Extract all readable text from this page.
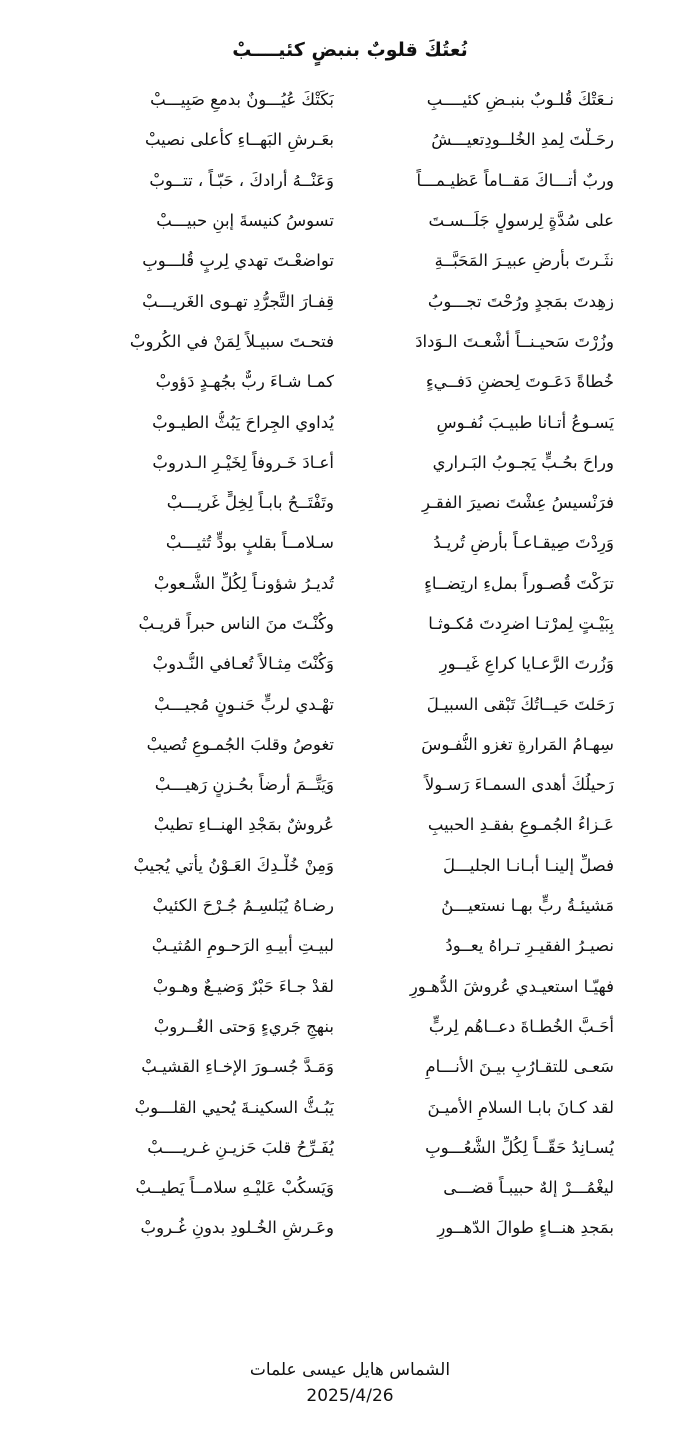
نُعتُكَ قلوبٌ بنبضٍ كئيــــبْ
نـعَتْكَ قُلـوبٌ بنبـضٍ كئيــــبِ
بَكَتْكَ عُيُـــونٌ بدمعٍ صَبِيـــبْ
رحَـلْتَ لِمدِ الخُلــودِتعيـــشُ
بعَـرشِ البَهــاءِ كأعلى نصيبْ
وربٌ أتـــاكَ مَقــاماً عَظيـمـــاً
وَعَنْــهُ أرادكَ ، حَبّـاً ، تتــوبْ
على سُدَّةٍ لِرسولٍ جَلَــسـتَ
تسوسُ كنيسةَ إبنِ حبيـــبْ
نثَـرتَ بأرضٍ عبيـرَ المَحَبَّــةِ
تواضعْـتَ تهدي لِربٍ قُلـــوبِ
زهِدتَ بمَجدٍ ورُحْتَ تجـــوبُ
قِفـارَ التَّجرُّدِ تهـوى الغَريـــبْ
وزُرْتَ سَحيـنــاً أشْعـتَ الـوَدادَ
فتحـتَ سبيـلاً لِمَنْ في الكُروبْ
خُطاةً دَعَـوتَ لِحضنٍ دَفــيءٍ
كمـا شـاءَ ربٌّ بجُهـدٍ دَؤوبْ
يَسـوعُ أتـانا طبيـبَ نُفـوسٍ
يُداوي الجِراحَ يَبُثُّ الطيـوبْ
وراحَ بحُـبٍّ يَجـوبُ البَـراري
أعـادَ خَـروفاً لِخَيْـرِ الـدروبْ
فرَنْسيسُ عِشْتَ نصيرَ الفقـرِ
وتَفْتَــحُ بابـاً لِخِلٍّ غَريـــبْ
وَرِدْتَ صِيقـاعـاً بأرضٍ تُريـدُ
سـلامــاً بقلبٍ بودٍّ تُثيـــبْ
ترَكْتَ قُصـوراً بملءِ ارتِضــاءٍ
تُديـرُ شؤونـاً لِكُلِّ الشُّـعوبْ
بِبَيْـتٍ لِمرْتـا اضرِدتَ مُكـوثـا
وكُنْـتَ منَ الناس حبراً قريـبْ
وَزُرتَ الرَّعـايا كراعٍ غَيــورِ
وَكُنْتَ مِثـالاً تُعـافي النُّـدوبْ
رَحَلتَ حَيــاتُكَ تَبْقى السبيـلَ
تهْـدي لربٍّ حَنـونٍ مُجيـــبْ
سِهـامُ المَرارةِ تغزو النُّفـوسَ
تغوصُ وقلبَ الجُمـوعِ تُصيبْ
رَحيلُكَ أهدى السمـاءَ رَسـولاً
وَيَتَّــمَ أرضاً بحُـزنٍ رَهيـــبْ
عَـزاءُ الجُمـوعِ بفقـدِ الحبيبِ
عُروشٌ بمَجْدِ الهنــاءِ تطيبْ
فصلِّ إلينـا أبـانـا الجليـــلَ
وَمِنْ خُلْـدِكَ العَـوْنُ يأتي يُجيبْ
مَشيئـةُ ربٍّ بهـا نستعيـــنُ
رضـاهُ يُبَلسِـمُ جُـرْحَ الكئيبْ
نصيـرُ الفقيـرِ تـراهُ يعــودُ
لبيـتِ أبيـهِ الرَحـومِ المُثيـبْ
فهيّـا استعيـدي عُروشَ الدُّهـورِ
لقدْ جـاءَ حَبْرٌ وَضيـعٌ وهـوبْ
أحَـبَّ الخُطـاةَ دعــاهُم لِربٍّ
بنهجٍ جَريءٍ وَحتى الغُــروبْ
سَعـى للتقـارُبِ بيـنَ الأنـــامِ
وَمَـدَّ جُسـورَ الإخـاءِ القشيـبْ
لقد كـانَ بابـا السلامِ الأميـنَ
يَبُـثُّ السكينـةَ يُحيي القلـــوبْ
يُسـانِدُ حَقّــاً لِكُلِّ الشُّعُـــوبِ
يُفَـرِّحُ قلبَ حَزيـنٍ غـريــــبْ
ليغْمُـــرْ إلهٌ حبيبـاً قضـــى
وَيَسكُبْ عَليْـهِ سلامــاً يَطيــبْ
بمَجدِ هنــاءٍ طوالَ الدّهــورِ
وعَـرشِ الخُـلودِ بدونِ غُـروبْ
الشماس هايل عيسى علمات
2025/4/26
